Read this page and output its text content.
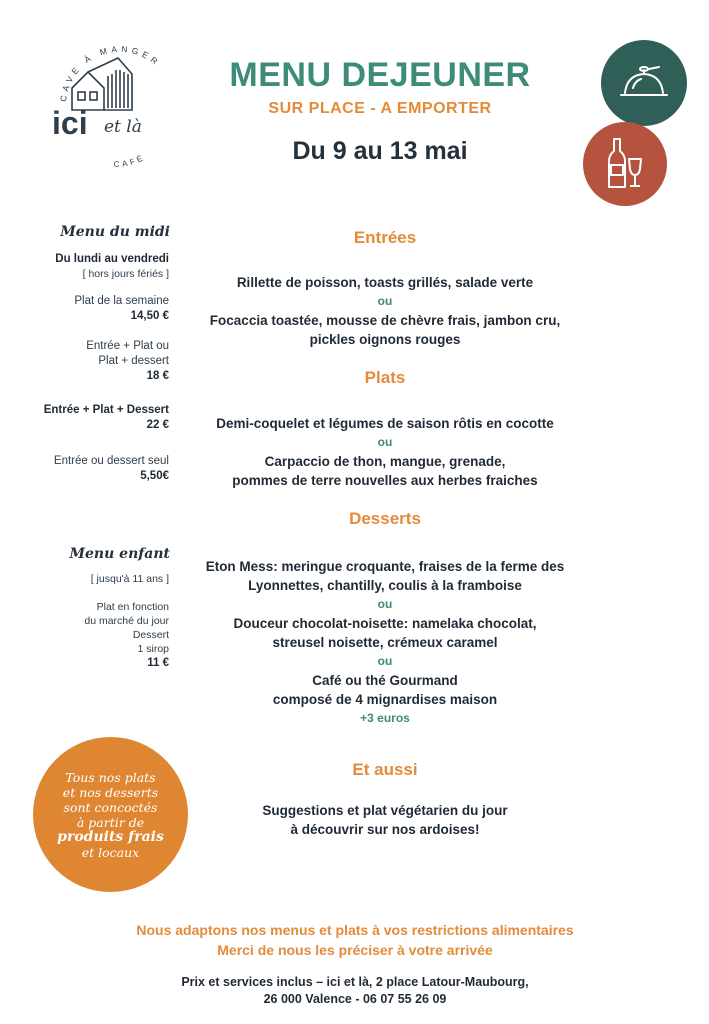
CAVE À MANGER
CAFÉ
ici et là
MENU DEJEUNER
SUR PLACE - A EMPORTER
Du 9 au 13 mai
Menu du midi
Du lundi au vendredi
[ hors jours fériés ]
Plat de la semaine
14,50 €
Entrée + Plat ou
Plat + dessert
18 €
Entrée + Plat + Dessert
22 €
Entrée ou dessert seul
5,50€
Menu enfant
[ jusqu'à 11 ans ]
Plat en fonction
du marché du jour
Dessert
1 sirop
11 €
Tous nos plats
et nos desserts
sont concoctés
à partir de
produits frais
et locaux
Entrées
Rillette de poisson, toasts grillés, salade verte
ou
Focaccia toastée, mousse de chèvre frais, jambon cru,
pickles oignons rouges
Plats
Demi-coquelet et légumes de saison rôtis en cocotte
ou
Carpaccio de thon, mangue, grenade,
pommes de terre nouvelles aux herbes fraiches
Desserts
Eton Mess: meringue croquante, fraises de la ferme des
Lyonnettes, chantilly, coulis à la framboise
ou
Douceur chocolat-noisette: namelaka chocolat,
streusel noisette, crémeux caramel
ou
Café ou thé Gourmand
composé de 4 mignardises maison
+3 euros
Et aussi
Suggestions et plat végétarien du jour
à découvrir sur nos ardoises!
Nous adaptons nos menus et plats à vos restrictions alimentaires
Merci de nous les préciser à votre arrivée
Prix et services inclus – ici et là, 2 place Latour-Maubourg,
26 000 Valence - 06 07 55 26 09
